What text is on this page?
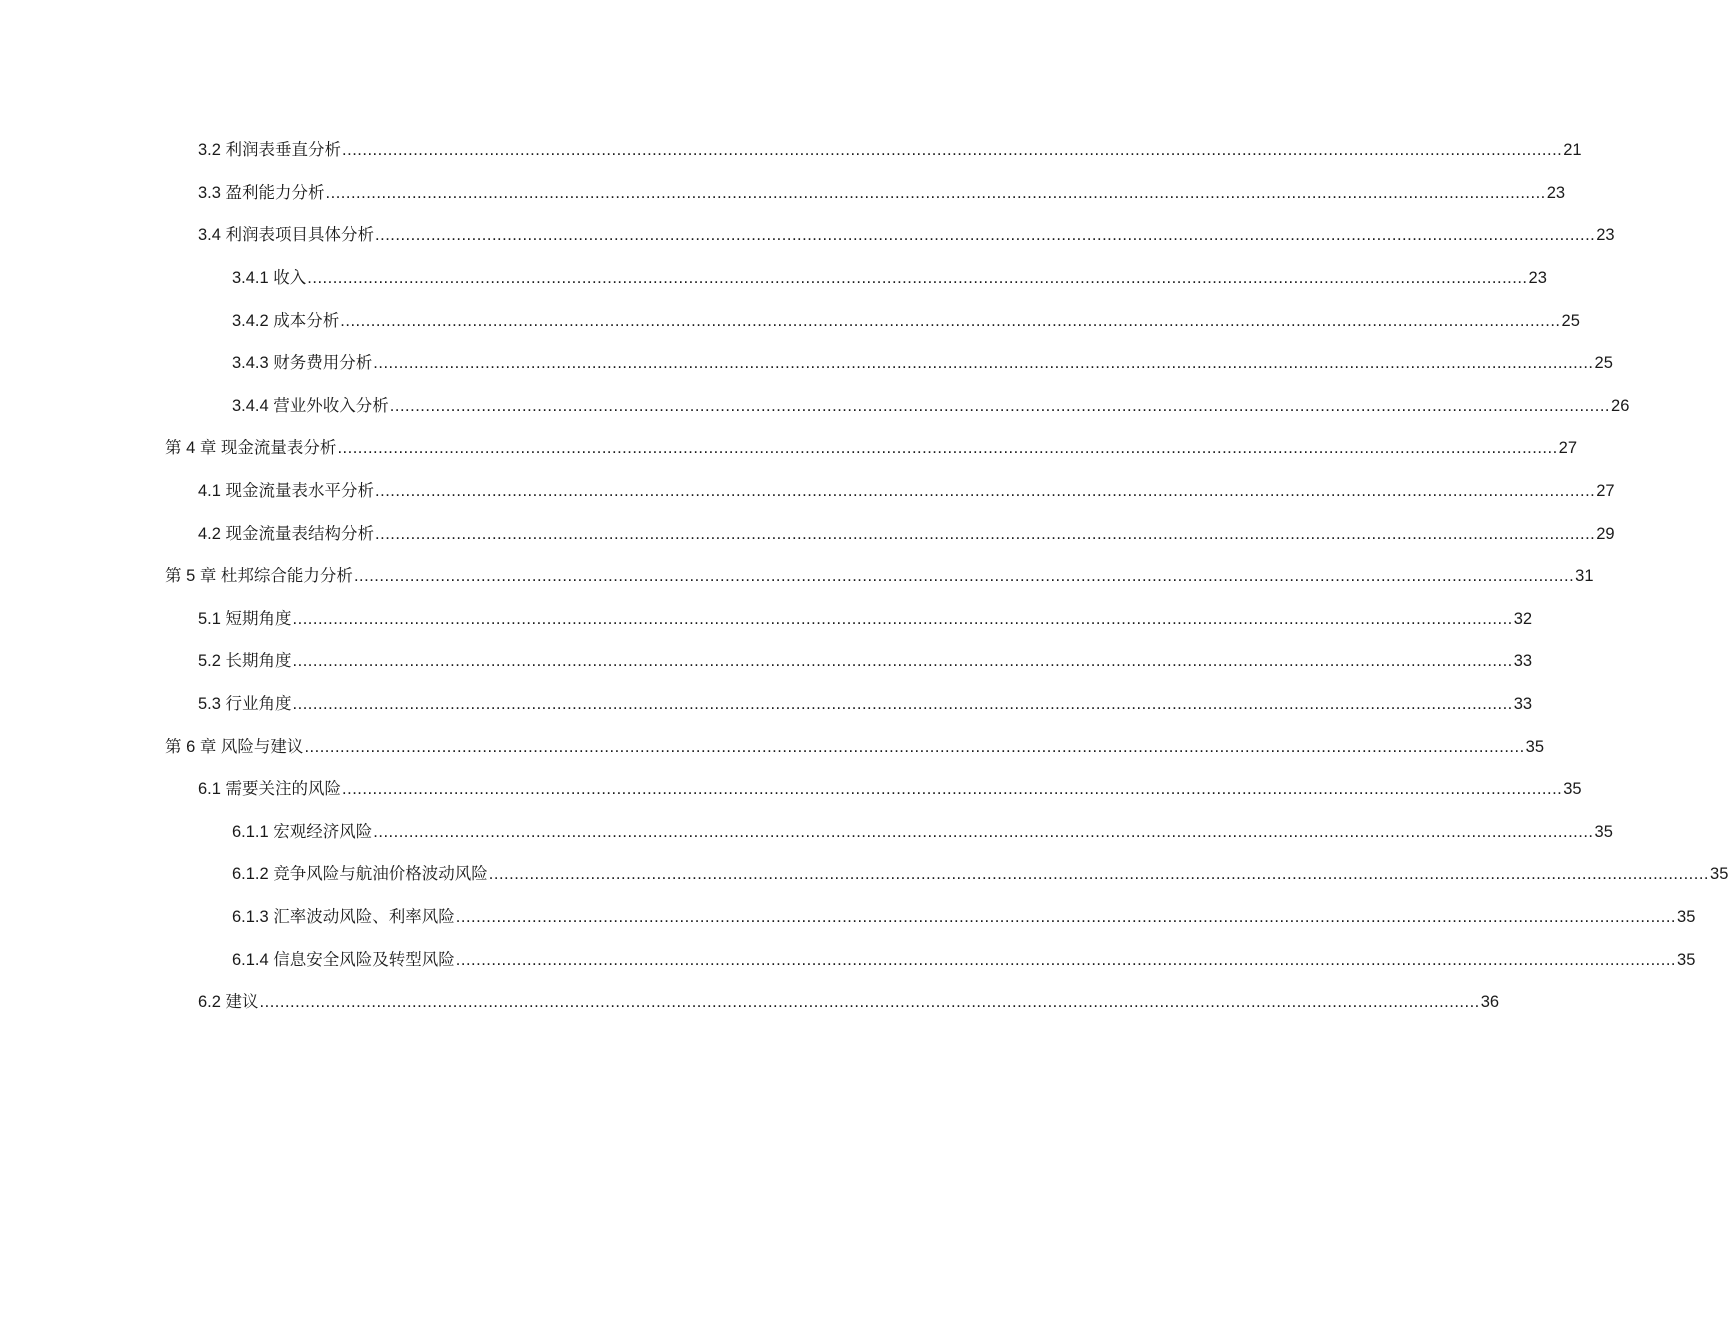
3.2 利润表垂直分析 .....	21
3.3 盈利能力分析 .....	23
3.4 利润表项目具体分析 .....	23
3.4.1 收入 .....	23
3.4.2 成本分析 .....	25
3.4.3 财务费用分析 .....	25
3.4.4 营业外收入分析 .....	26
第 4 章 现金流量表分析 .....	27
4.1 现金流量表水平分析 .....	27
4.2 现金流量表结构分析 .....	29
第 5 章 杜邦综合能力分析 .....	31
5.1 短期角度 .....	32
5.2 长期角度 .....	33
5.3 行业角度 .....	33
第 6 章 风险与建议 .....	35
6.1 需要关注的风险 .....	35
6.1.1 宏观经济风险 .....	35
6.1.2 竞争风险与航油价格波动风险 .....	35
6.1.3 汇率波动风险、利率风险 .....	35
6.1.4 信息安全风险及转型风险 .....	35
6.2 建议 .....	36
